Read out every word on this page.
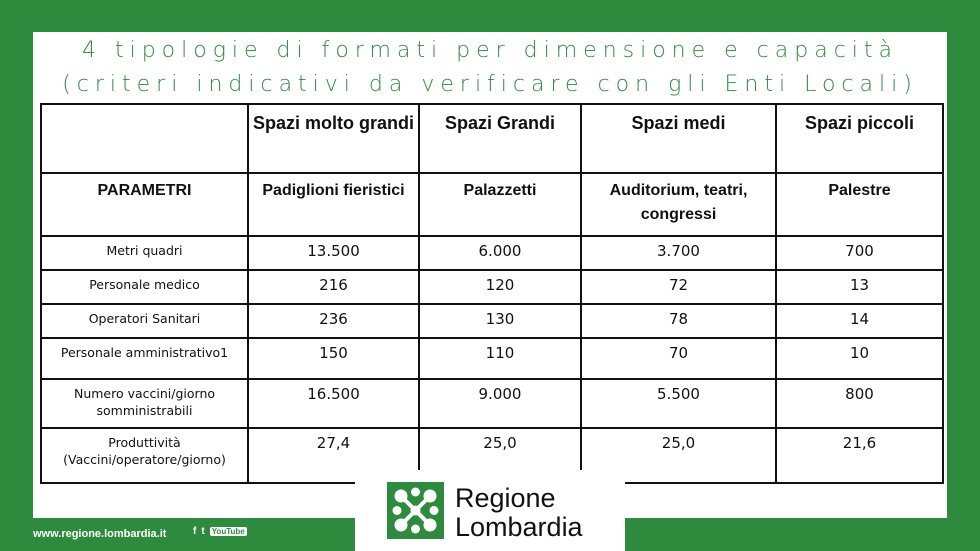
4 tipologie di formati per dimensione e capacità
(criteri indicativi da verificare con gli Enti Locali)
	Spazi molto grandi	Spazi Grandi	Spazi medi	Spazi piccoli
PARAMETRI	Padiglioni fieristici	Palazzetti	Auditorium, teatri, congressi	Palestre
Metri quadri	13.500	6.000	3.700	700
Personale medico	216	120	72	13
Operatori Sanitari	236	130	78	14
Personale amministrativo1	150	110	70	10
Numero vaccini/giorno somministrabili	16.500	9.000	5.500	800
Produttività (Vaccini/operatore/giorno)	27,4	25,0	25,0	21,6
www.regione.lombardia.it	f t YouTube
Regione
Lombardia
